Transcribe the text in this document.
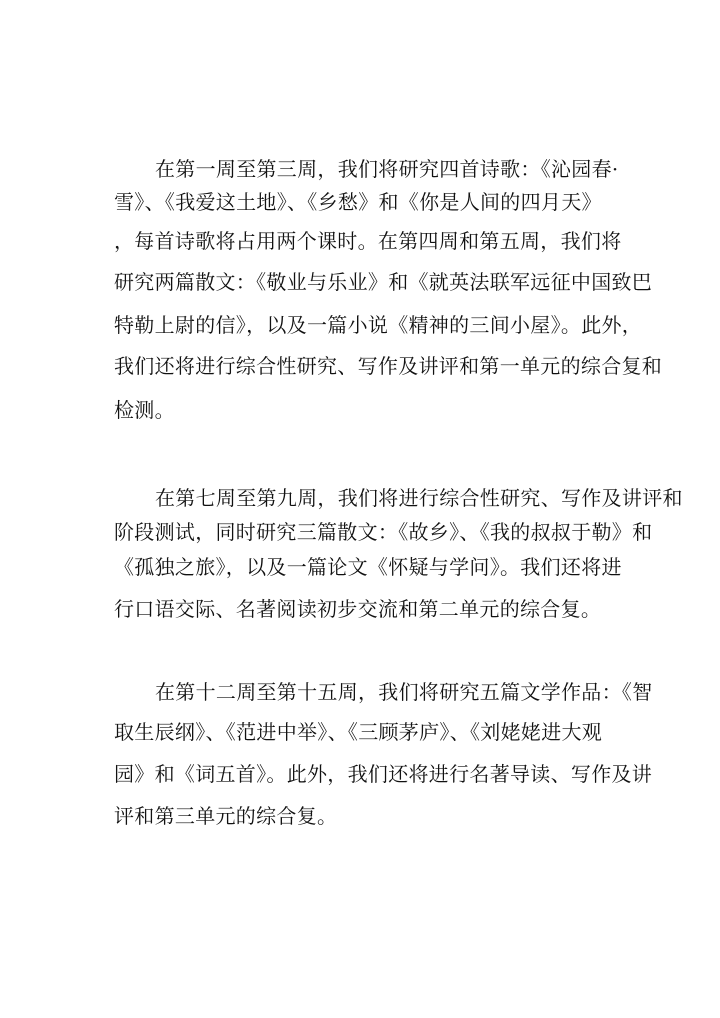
在第一周至第三周，我们将研究四首诗歌：《沁园春·
雪》、《我爱这土地》、《乡愁》和《你是人间的四月天》
，每首诗歌将占用两个课时。在第四周和第五周，我们将
研究两篇散文：《敬业与乐业》和《就英法联军远征中国致巴
特勒上尉的信》，以及一篇小说《精神的三间小屋》。此外，
我们还将进行综合性研究、写作及讲评和第一单元的综合复和
检测。
在第七周至第九周，我们将进行综合性研究、写作及讲评和
阶段测试，同时研究三篇散文：《故乡》、《我的叔叔于勒》和
《孤独之旅》，以及一篇论文《怀疑与学问》。我们还将进
行口语交际、名著阅读初步交流和第二单元的综合复。
在第十二周至第十五周，我们将研究五篇文学作品：《智
取生辰纲》、《范进中举》、《三顾茅庐》、《刘姥姥进大观
园》和《词五首》。此外，我们还将进行名著导读、写作及讲
评和第三单元的综合复。
